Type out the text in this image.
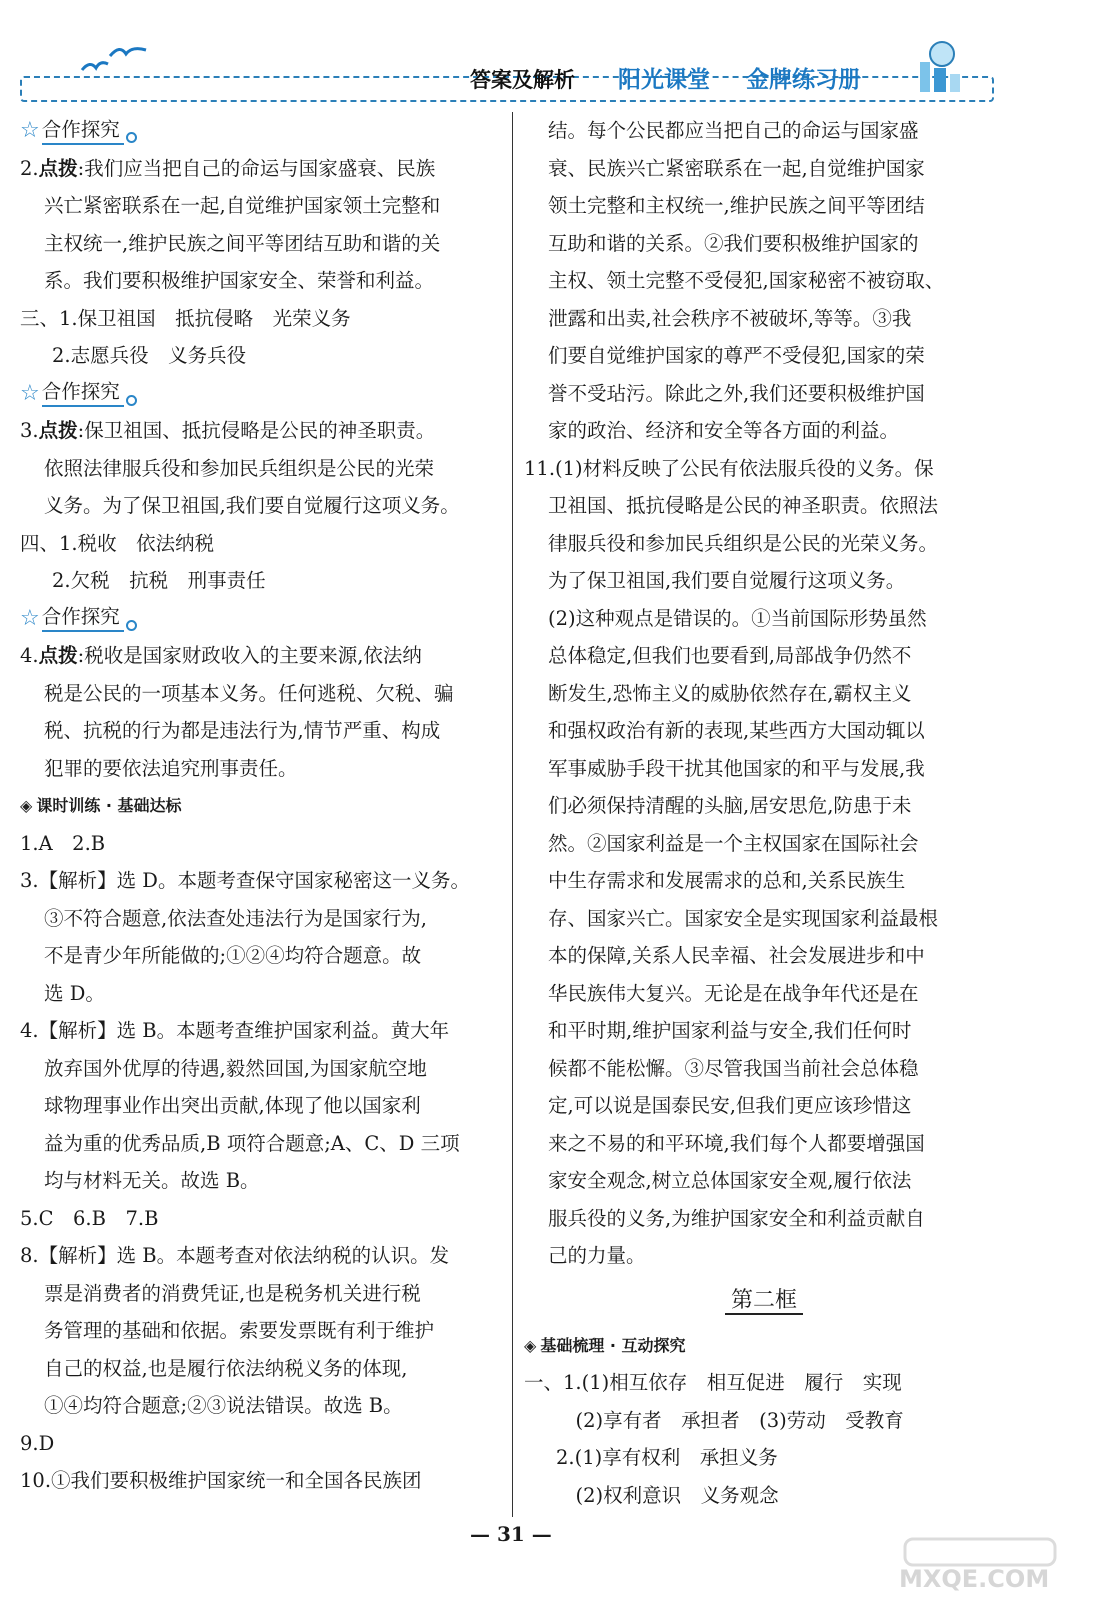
答案及解析 阳光课堂 金牌练习册
☆ 合作探究
2.点拨:我们应当把自己的命运与国家盛衰、民族
兴亡紧密联系在一起,自觉维护国家领土完整和
主权统一,维护民族之间平等团结互助和谐的关
系。我们要积极维护国家安全、荣誉和利益。
三、1.保卫祖国　抵抗侵略　光荣义务
2.志愿兵役　义务兵役
☆ 合作探究
3.点拨:保卫祖国、抵抗侵略是公民的神圣职责。
依照法律服兵役和参加民兵组织是公民的光荣
义务。为了保卫祖国,我们要自觉履行这项义务。
四、1.税收　依法纳税
2.欠税　抗税　刑事责任
☆ 合作探究
4.点拨:税收是国家财政收入的主要来源,依法纳
税是公民的一项基本义务。任何逃税、欠税、骗
税、抗税的行为都是违法行为,情节严重、构成
犯罪的要依法追究刑事责任。
◈ 课时训练 · 基础达标
1.A　2.B
3.【解析】选 D。本题考查保守国家秘密这一义务。
③不符合题意,依法查处违法行为是国家行为,
不是青少年所能做的;①②④均符合题意。故
选 D。
4.【解析】选 B。本题考查维护国家利益。黄大年
放弃国外优厚的待遇,毅然回国,为国家航空地
球物理事业作出突出贡献,体现了他以国家利
益为重的优秀品质,B 项符合题意;A、C、D 三项
均与材料无关。故选 B。
5.C　6.B　7.B
8.【解析】选 B。本题考查对依法纳税的认识。发
票是消费者的消费凭证,也是税务机关进行税
务管理的基础和依据。索要发票既有利于维护
自己的权益,也是履行依法纳税义务的体现,
①④均符合题意;②③说法错误。故选 B。
9.D
10.①我们要积极维护国家统一和全国各民族团
结。每个公民都应当把自己的命运与国家盛
衰、民族兴亡紧密联系在一起,自觉维护国家
领土完整和主权统一,维护民族之间平等团结
互助和谐的关系。②我们要积极维护国家的
主权、领土完整不受侵犯,国家秘密不被窃取、
泄露和出卖,社会秩序不被破坏,等等。③我
们要自觉维护国家的尊严不受侵犯,国家的荣
誉不受玷污。除此之外,我们还要积极维护国
家的政治、经济和安全等各方面的利益。
11.(1)材料反映了公民有依法服兵役的义务。保
卫祖国、抵抗侵略是公民的神圣职责。依照法
律服兵役和参加民兵组织是公民的光荣义务。
为了保卫祖国,我们要自觉履行这项义务。
(2)这种观点是错误的。①当前国际形势虽然
总体稳定,但我们也要看到,局部战争仍然不
断发生,恐怖主义的威胁依然存在,霸权主义
和强权政治有新的表现,某些西方大国动辄以
军事威胁手段干扰其他国家的和平与发展,我
们必须保持清醒的头脑,居安思危,防患于未
然。②国家利益是一个主权国家在国际社会
中生存需求和发展需求的总和,关系民族生
存、国家兴亡。国家安全是实现国家利益最根
本的保障,关系人民幸福、社会发展进步和中
华民族伟大复兴。无论是在战争年代还是在
和平时期,维护国家利益与安全,我们任何时
候都不能松懈。③尽管我国当前社会总体稳
定,可以说是国泰民安,但我们更应该珍惜这
来之不易的和平环境,我们每个人都要增强国
家安全观念,树立总体国家安全观,履行依法
服兵役的义务,为维护国家安全和利益贡献自
己的力量。
第二框
◈ 基础梳理 · 互动探究
一、1.(1)相互依存　相互促进　履行　实现
　(2)享有者　承担者　(3)劳动　受教育
2.(1)享有权利　承担义务
　(2)权利意识　义务观念
— 31 —
MXQE.COM
